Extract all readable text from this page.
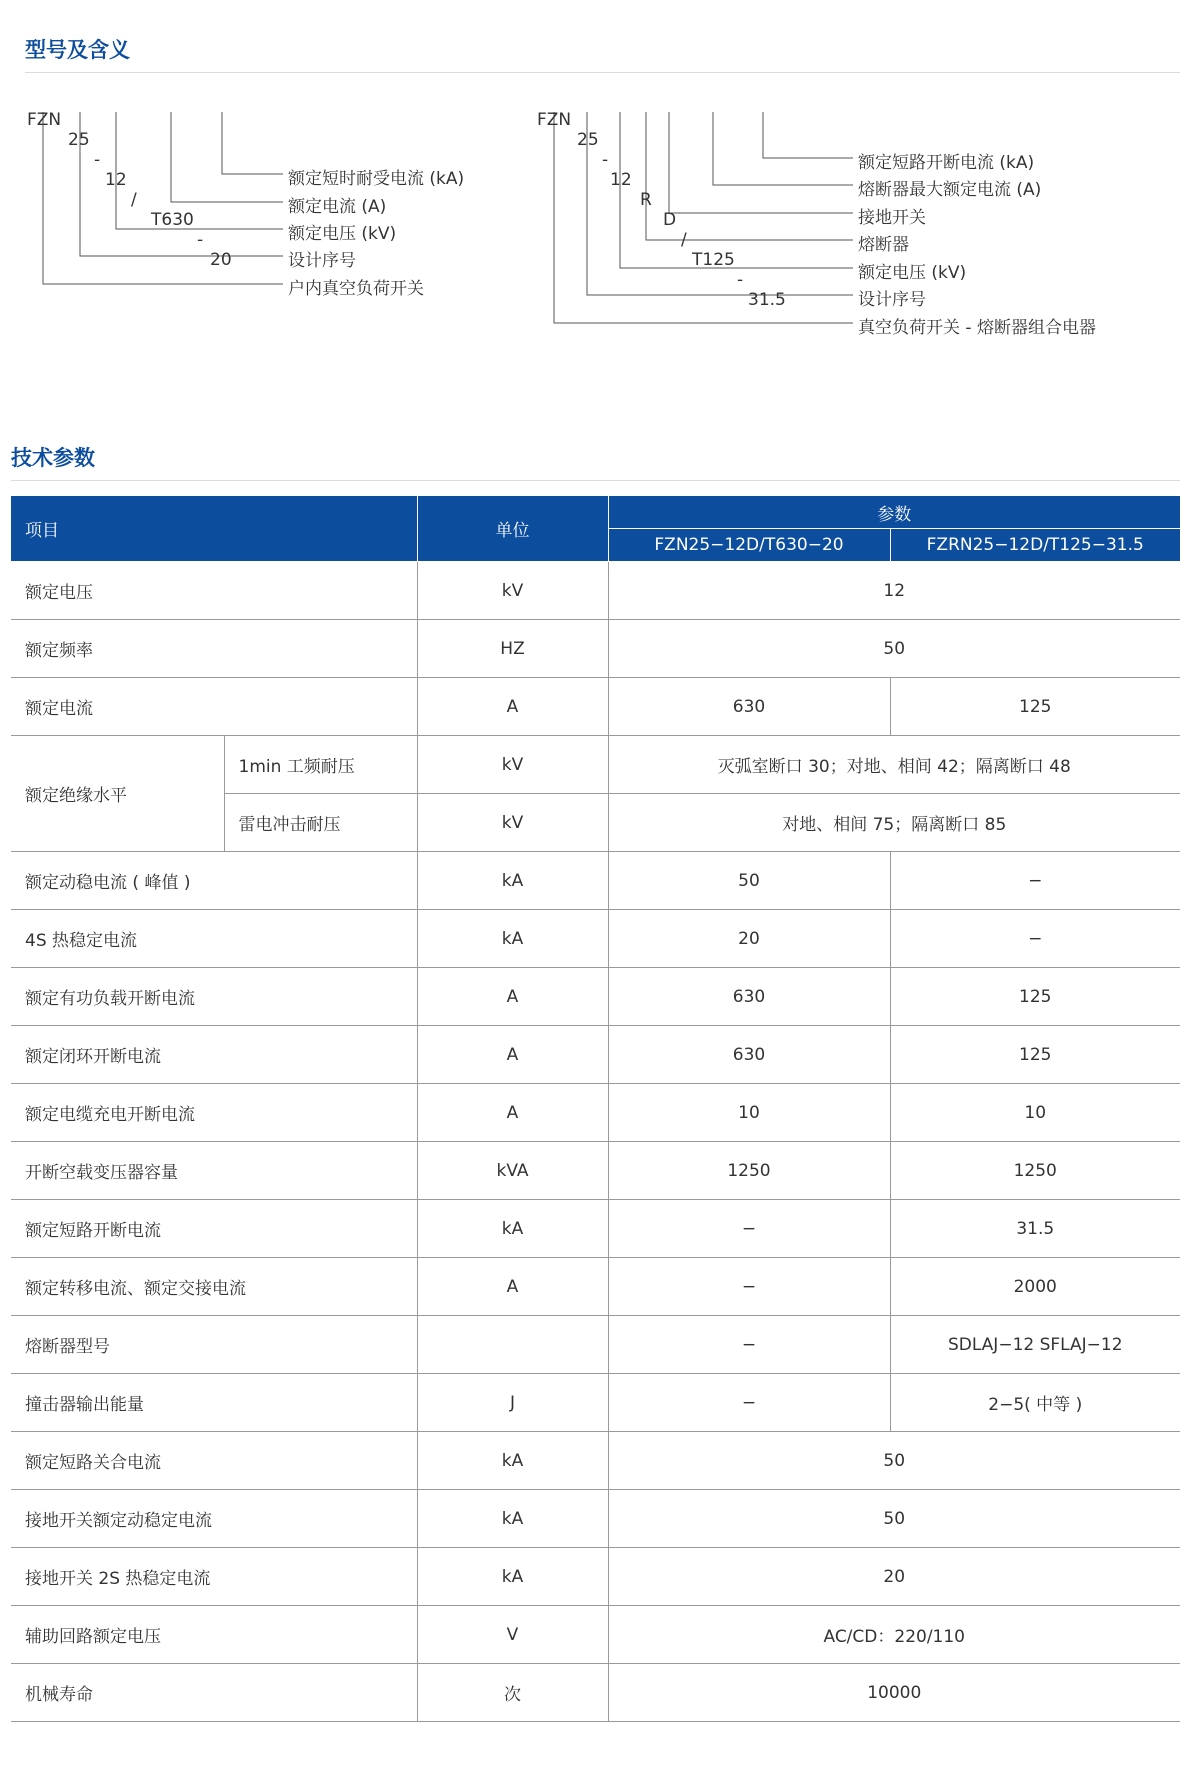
型号及含义

FZN

25

-

12

/

T630

-

20

额定短时耐受电流 (kA)
额定电流 (A)
额定电压 (kV)
设计序号
户内真空负荷开关

FZN

25

-

12

R

D

/

T125

-

31.5

额定短路开断电流 (kA)
熔断器最大额定电流 (A)
接地开关
熔断器
额定电压 (kV)
设计序号
真空负荷开关 - 熔断器组合电器
技术参数
项目		单位	参数	
			FZN25−12D/T630−20	FZRN25−12D/T125−31.5
额定电压		kV	12	
额定频率		HZ	50	
额定电流		A	630	125
额定绝缘水平	1min 工频耐压	kV	灭弧室断口 30；对地、相间 42；隔离断口 48	
	雷电冲击耐压	kV	对地、相间 75；隔离断口 85	
额定动稳电流 ( 峰值 )		kA	50	−
4S 热稳定电流		kA	20	−
额定有功负载开断电流		A	630	125
额定闭环开断电流		A	630	125
额定电缆充电开断电流		A	10	10
开断空载变压器容量		kVA	1250	1250
额定短路开断电流		kA	−	31.5
额定转移电流、额定交接电流		A	−	2000
熔断器型号			−	SDLAJ−12 SFLAJ−12
撞击器输出能量		J	−	2−5( 中等 )
额定短路关合电流		kA	50	
接地开关额定动稳定电流		kA	50	
接地开关 2S 热稳定电流		kA	20	
辅助回路额定电压		V	AC/CD：220/110	
机械寿命		次	10000	
